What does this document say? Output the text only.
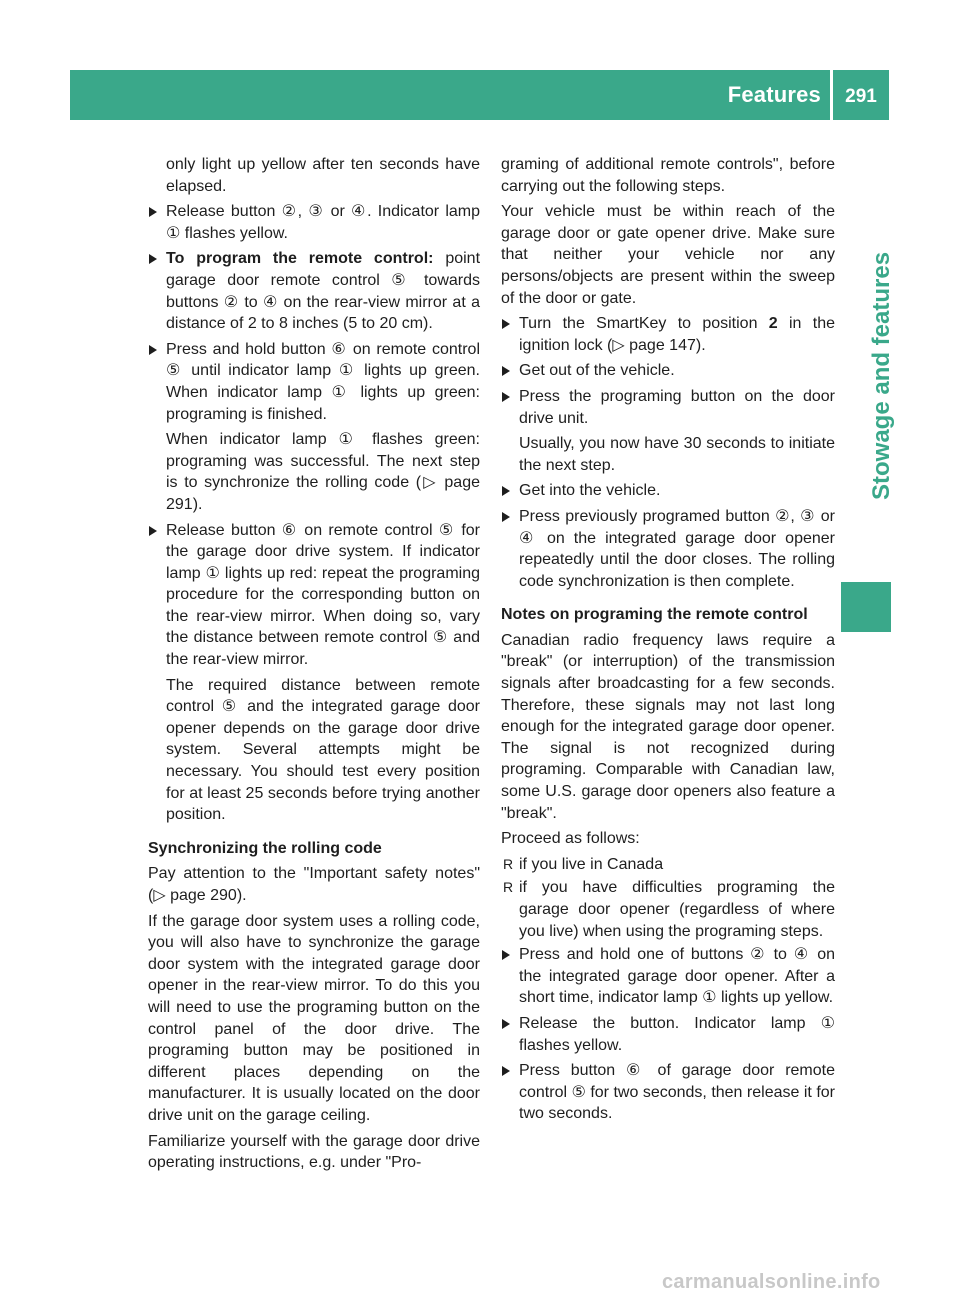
Features	291
Stowage and features

only light up yellow after ten seconds have elapsed.

Release button ②, ③ or ④. Indicator lamp ① flashes yellow.
To program the remote control: point garage door remote control ⑤ towards buttons ② to ④ on the rear-view mirror at a distance of 2 to 8 inches (5 to 20 cm).
Press and hold button ⑥ on remote control ⑤ until indicator lamp ① lights up green. When indicator lamp ① lights up green: programing is finished.

When indicator lamp ① flashes green: programing was successful. The next step is to synchronize the rolling code (▷ page 291).

Release button ⑥ on remote control ⑤ for the garage door drive system. If indicator lamp ① lights up red: repeat the programing procedure for the corresponding button on the rear-view mirror. When doing so, vary the distance between remote control ⑤ and the rear-view mirror.

The required distance between remote control ⑤ and the integrated garage door opener depends on the garage door drive system. Several attempts might be necessary. You should test every position for at least 25 seconds before trying another position.

Synchronizing the rolling code

Pay attention to the "Important safety notes" (▷ page 290).

If the garage door system uses a rolling code, you will also have to synchronize the garage door system with the integrated garage door opener in the rear-view mirror. To do this you will need to use the programing button on the control panel of the door drive. The programing button may be positioned in different places depending on the manufacturer. It is usually located on the door drive unit on the garage ceiling.

Familiarize yourself with the garage door drive operating instructions, e.g. under "Pro-

graming of additional remote controls", before carrying out the following steps.

Your vehicle must be within reach of the garage door or gate opener drive. Make sure that neither your vehicle nor any persons/objects are present within the sweep of the door or gate.

Turn the SmartKey to position 2 in the ignition lock (▷ page 147).
Get out of the vehicle.
Press the programing button on the door drive unit.

Usually, you now have 30 seconds to initiate the next step.

Get into the vehicle.
Press previously programed button ②, ③ or ④ on the integrated garage door opener repeatedly until the door closes. The rolling code synchronization is then complete.

Notes on programing the remote control

Canadian radio frequency laws require a "break" (or interruption) of the transmission signals after broadcasting for a few seconds. Therefore, these signals may not last long enough for the integrated garage door opener. The signal is not recognized during programing. Comparable with Canadian law, some U.S. garage door openers also feature a "break".

Proceed as follows:

R if you live in Canada
R if you have difficulties programing the garage door opener (regardless of where you live) when using the programing steps.
Press and hold one of buttons ② to ④ on the integrated garage door opener. After a short time, indicator lamp ① lights up yellow.
Release the button. Indicator lamp ① flashes yellow.
Press button ⑥ of garage door remote control ⑤ for two seconds, then release it for two seconds.
carmanualsonline.info
